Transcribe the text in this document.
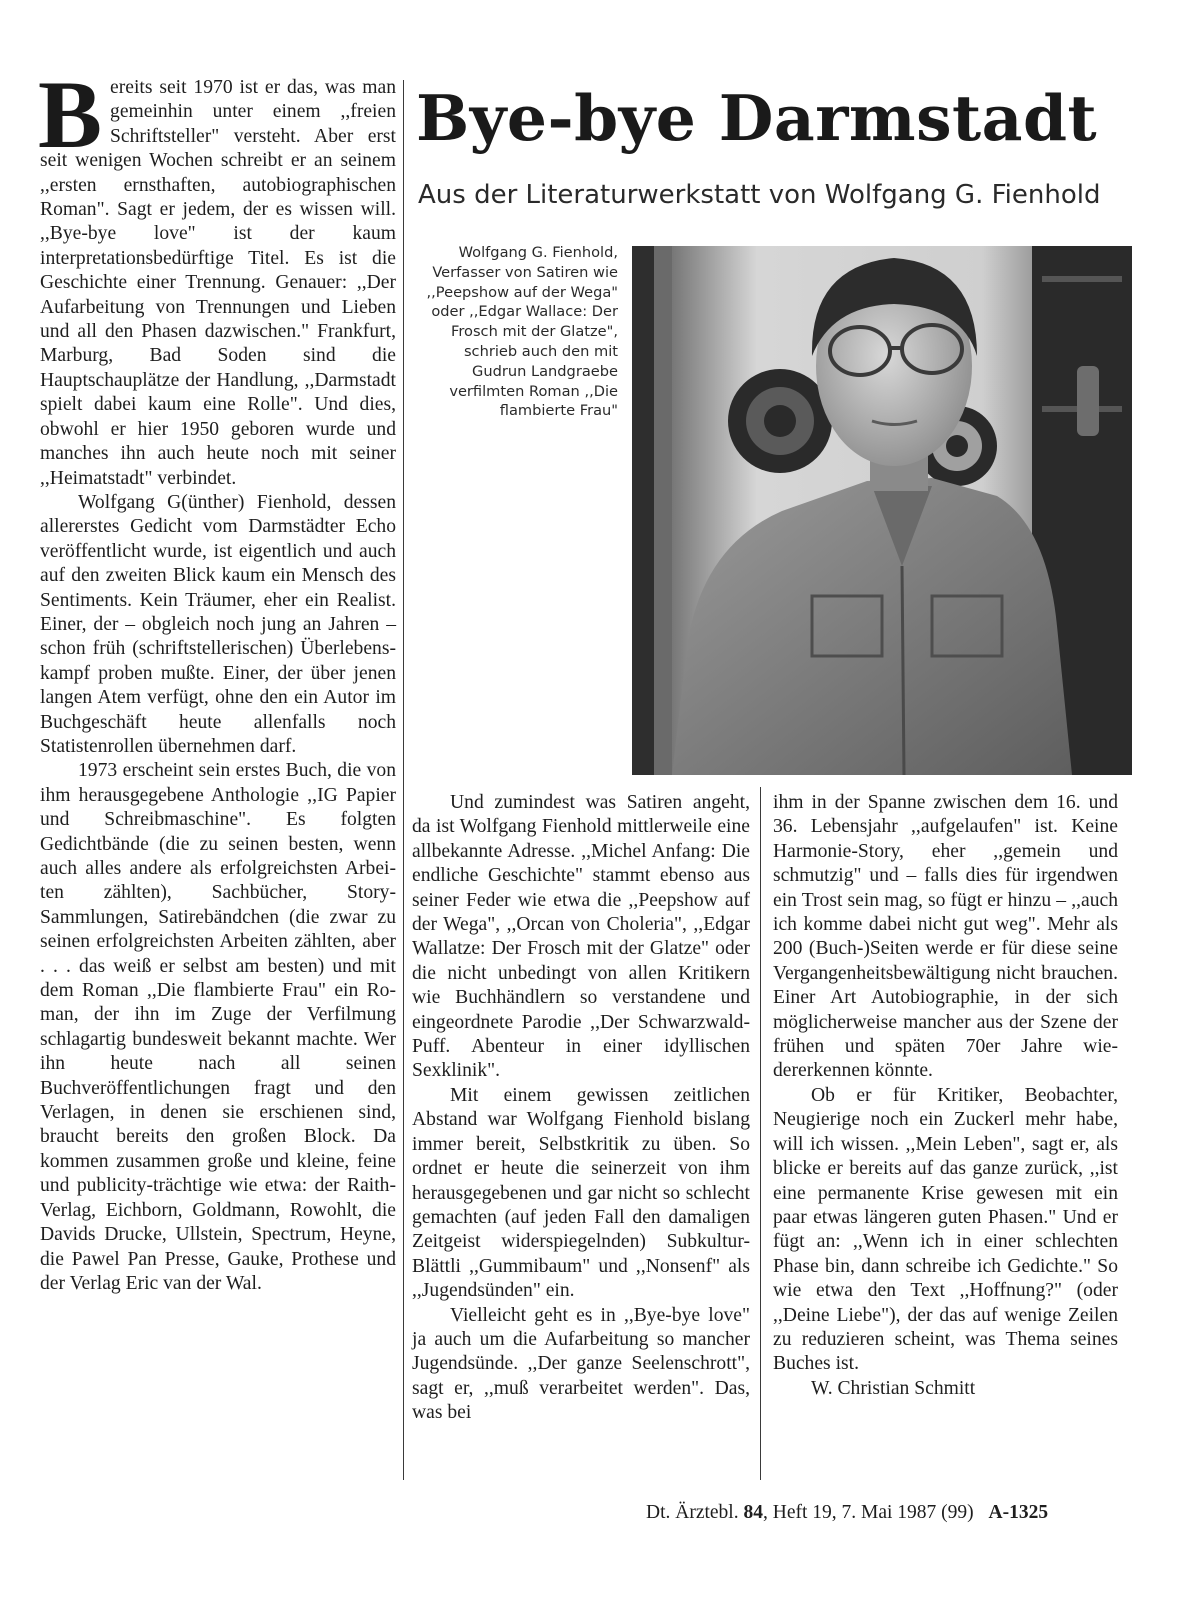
Bye-bye Darmstadt
Aus der Literaturwerkstatt von Wolfgang G. Fienhold
Wolfgang G. Fienhold, Verfasser von Satiren wie ,,Peepshow auf der Wega" oder ,,Edgar Wallace: Der Frosch mit der Glatze", schrieb auch den mit Gudrun Landgraebe verfilmten Roman ,,Die flambierte Frau"

Bereits seit 1970 ist er das, was man gemeinhin unter einem ,,freien Schriftsteller" versteht. Aber erst seit wenigen Wochen schreibt er an seinem ,,ersten ernsthaften, autobiographischen Roman". Sagt er jedem, der es wissen will. ,,Bye-bye love" ist der kaum interpretationsbedürftige Titel. Es ist die Geschichte einer Trennung. Genauer: ,,Der Aufarbeitung von Trennungen und Lieben und all den Phasen dazwischen." Frankfurt, Marburg, Bad Soden sind die Hauptschauplätze der Handlung, ,,Darmstadt spielt dabei kaum eine Rolle". Und dies, obwohl er hier 1950 geboren wurde und manches ihn auch heute noch mit seiner ,,Heimatstadt" verbindet.

Wolfgang G(ünther) Fienhold, dessen allererstes Gedicht vom Darmstädter Echo veröffentlicht wurde, ist eigentlich und auch auf den zweiten Blick kaum ein Mensch des Sentiments. Kein Träumer, eher ein Realist. Einer, der – obgleich noch jung an Jahren – schon früh (schriftstellerischen) Überlebenskampf proben mußte. Einer, der über jenen langen Atem verfügt, ohne den ein Autor im Buchgeschäft heute allenfalls noch Statistenrollen übernehmen darf.

1973 erscheint sein erstes Buch, die von ihm herausgegebene Anthologie ,,IG Papier und Schreibmaschine". Es folgten Gedichtbände (die zu seinen besten, wenn auch alles andere als erfolgreichsten Arbeiten zählten), Sachbücher, Story-Sammlungen, Satirebändchen (die zwar zu seinen erfolgreichsten Arbeiten zählten, aber . . . das weiß er selbst am besten) und mit dem Roman ,,Die flambierte Frau" ein Roman, der ihn im Zuge der Verfilmung schlagartig bundesweit bekannt machte. Wer ihn heute nach all seinen Buchveröffentlichungen fragt und den Verlagen, in denen sie erschienen sind, braucht bereits den großen Block. Da kommen zusammen große und kleine, feine und publicity-trächtige wie etwa: der Raith-Verlag, Eichborn, Goldmann, Rowohlt, die Davids Drucke, Ullstein, Spectrum, Heyne, die Pawel Pan Presse, Gauke, Prothese und der Verlag Eric van der Wal.

Und zumindest was Satiren angeht, da ist Wolfgang Fienhold mittlerweile eine allbekannte Adresse. ,,Michel Anfang: Die endliche Geschichte" stammt ebenso aus seiner Feder wie etwa die ,,Peepshow auf der Wega", ,,Orcan von Choleria", ,,Edgar Wallatze: Der Frosch mit der Glatze" oder die nicht unbedingt von allen Kritikern wie Buchhändlern so verstandene und eingeordnete Parodie ,,Der Schwarzwald-Puff. Abenteur in einer idyllischen Sexklinik".

Mit einem gewissen zeitlichen Abstand war Wolfgang Fienhold bislang immer bereit, Selbstkritik zu üben. So ordnet er heute die seinerzeit von ihm herausgegebenen und gar nicht so schlecht gemachten (auf jeden Fall den damaligen Zeitgeist widerspiegelnden) Subkultur-Blättli ,,Gummibaum" und ,,Nonsenf" als ,,Jugendsünden" ein.

Vielleicht geht es in ,,Bye-bye love" ja auch um die Aufarbeitung so mancher Jugendsünde. ,,Der ganze Seelenschrott", sagt er, ,,muß verarbeitet werden". Das, was bei

ihm in der Spanne zwischen dem 16. und 36. Lebensjahr ,,aufgelaufen" ist. Keine Harmonie-Story, eher ,,gemein und schmutzig" und – falls dies für irgendwen ein Trost sein mag, so fügt er hinzu – ,,auch ich komme dabei nicht gut weg". Mehr als 200 (Buch-)Seiten werde er für diese seine Vergangenheitsbewältigung nicht brauchen. Einer Art Autobiographie, in der sich möglicherweise mancher aus der Szene der frühen und späten 70er Jahre wiedererkennen könnte.

Ob er für Kritiker, Beobachter, Neugierige noch ein Zuckerl mehr habe, will ich wissen. ,,Mein Leben", sagt er, als blicke er bereits auf das ganze zurück, ,,ist eine permanente Krise gewesen mit ein paar etwas längeren guten Phasen." Und er fügt an: ,,Wenn ich in einer schlechten Phase bin, dann schreibe ich Gedichte." So wie etwa den Text ,,Hoffnung?" (oder ,,Deine Liebe"), der das auf wenige Zeilen zu reduzieren scheint, was Thema seines Buches ist.

W. Christian Schmitt

Dt. Ärztebl. 84, Heft 19, 7. Mai 1987 (99) A-1325
